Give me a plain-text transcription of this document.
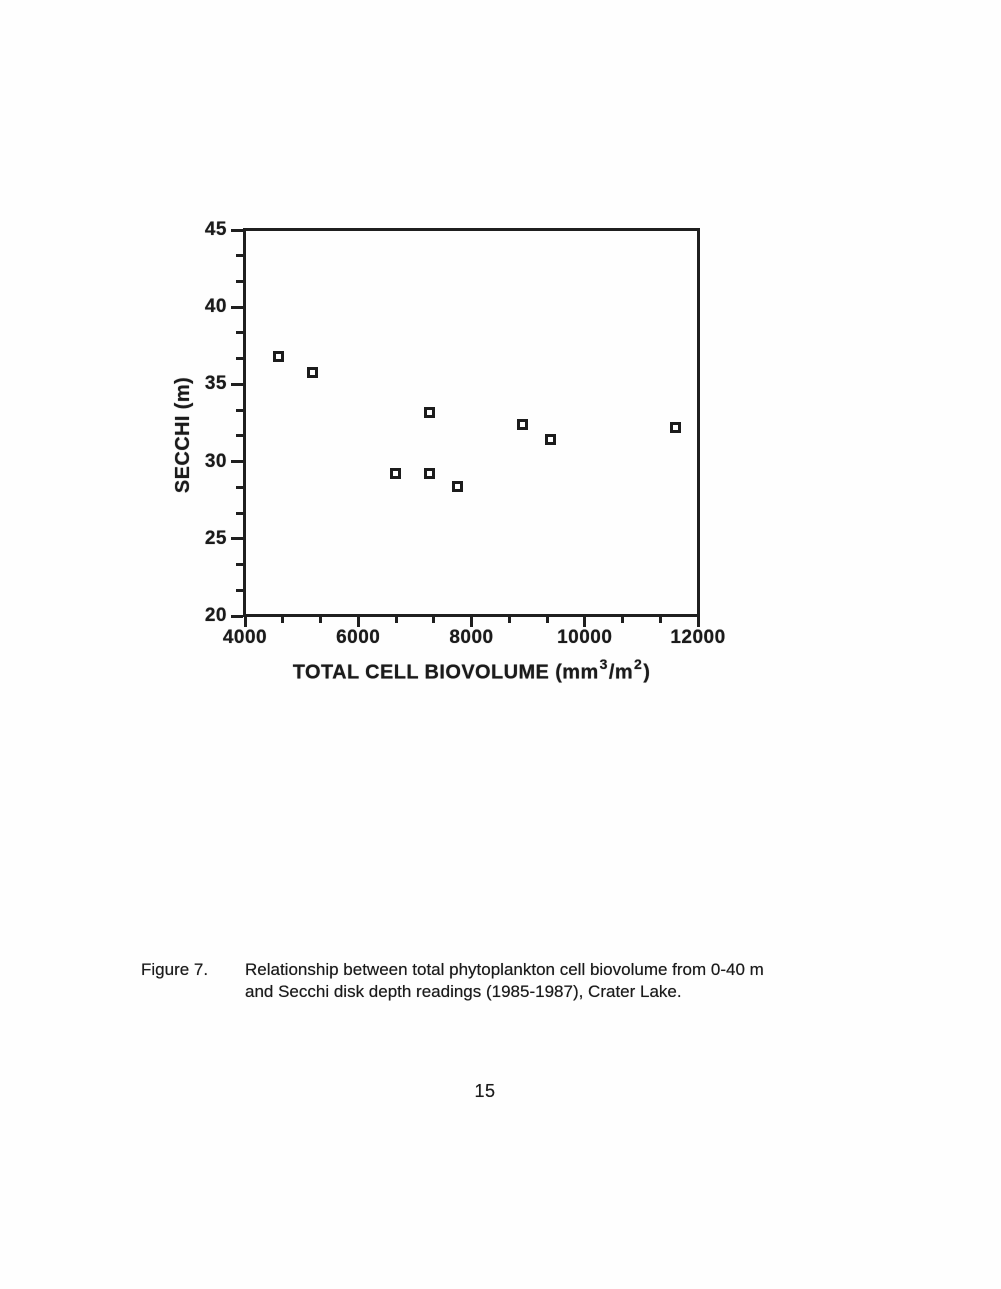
20
25
30
35
40
45
4000	6000	8000	10000	12000
SECCHI (m)
TOTAL CELL BIOVOLUME $(mm^3/m^2)$
Figure 7. Relationship between total phytoplankton cell biovolume from 0-40 m
and Secchi disk depth readings (1985-1987), Crater Lake.
15
